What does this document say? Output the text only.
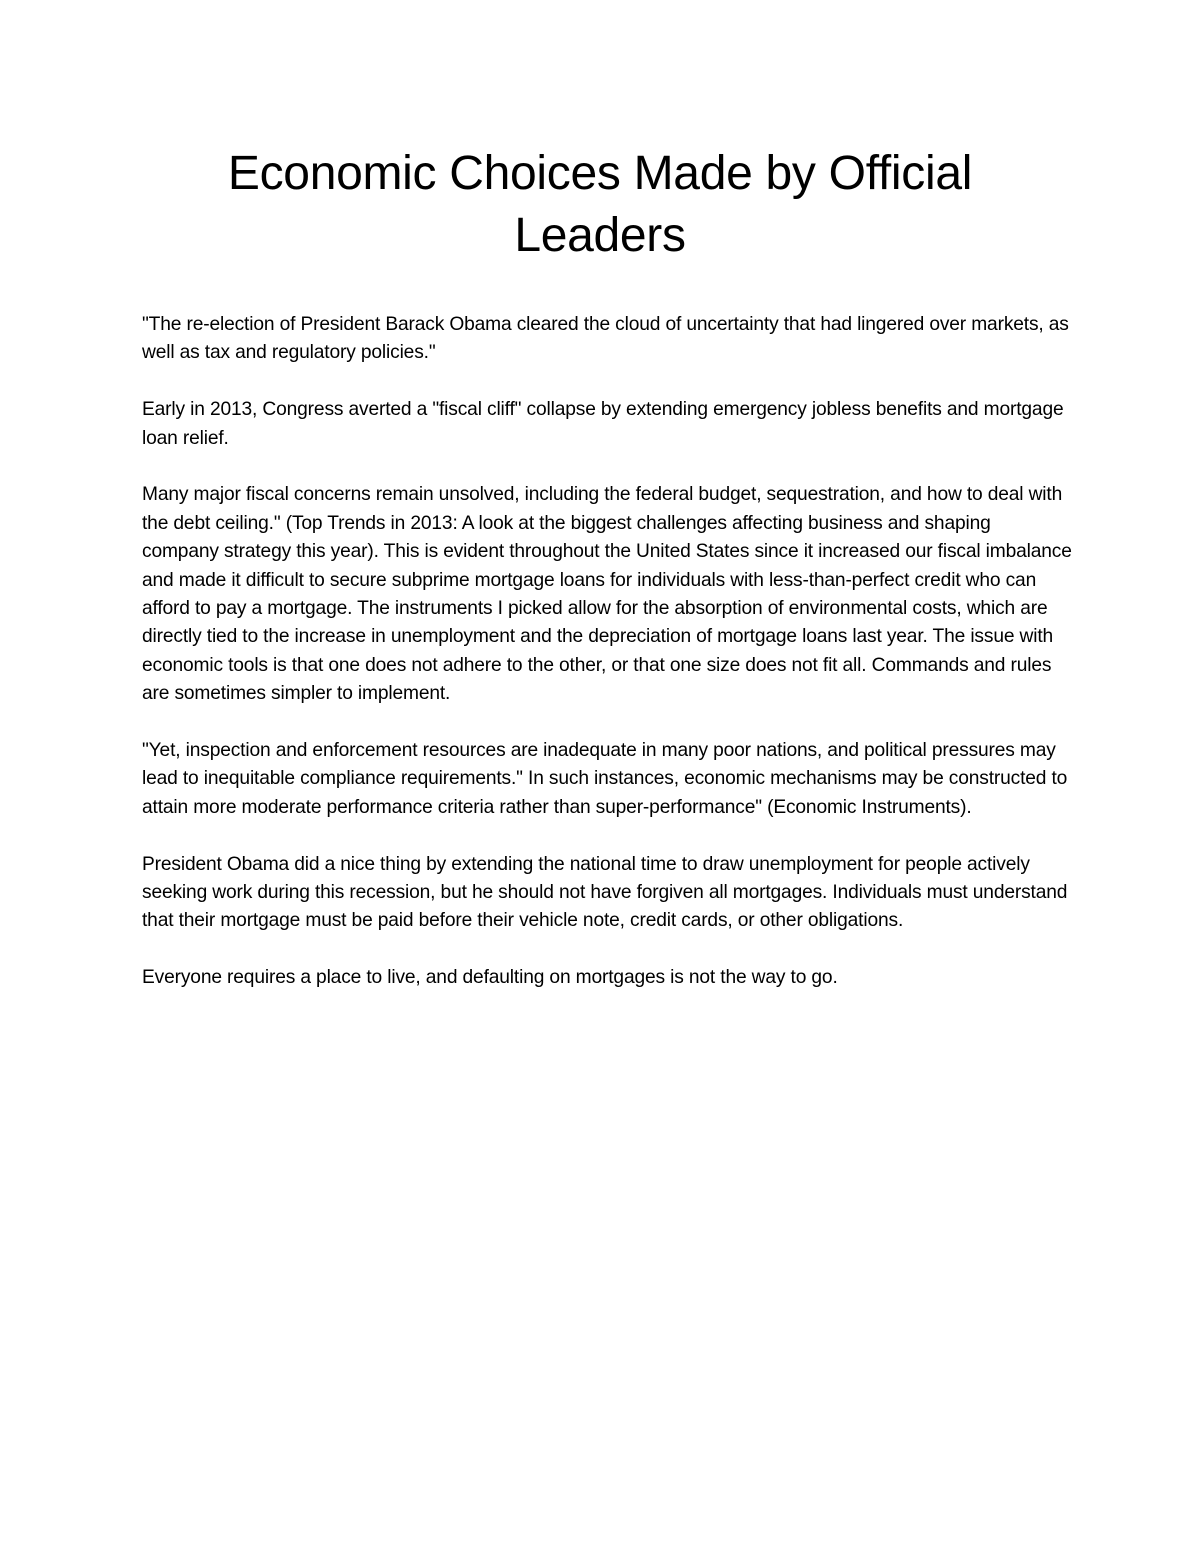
Economic Choices Made by Official Leaders

"The re-election of President Barack Obama cleared the cloud of uncertainty that had lingered over markets, as well as tax and regulatory policies."

Early in 2013, Congress averted a "fiscal cliff" collapse by extending emergency jobless benefits and mortgage loan relief.

Many major fiscal concerns remain unsolved, including the federal budget, sequestration, and how to deal with the debt ceiling." (Top Trends in 2013: A look at the biggest challenges affecting business and shaping company strategy this year). This is evident throughout the United States since it increased our fiscal imbalance and made it difficult to secure subprime mortgage loans for individuals with less-than-perfect credit who can afford to pay a mortgage. The instruments I picked allow for the absorption of environmental costs, which are directly tied to the increase in unemployment and the depreciation of mortgage loans last year. The issue with economic tools is that one does not adhere to the other, or that one size does not fit all. Commands and rules are sometimes simpler to implement.

"Yet, inspection and enforcement resources are inadequate in many poor nations, and political pressures may lead to inequitable compliance requirements." In such instances, economic mechanisms may be constructed to attain more moderate performance criteria rather than super-performance" (Economic Instruments).

President Obama did a nice thing by extending the national time to draw unemployment for people actively seeking work during this recession, but he should not have forgiven all mortgages. Individuals must understand that their mortgage must be paid before their vehicle note, credit cards, or other obligations.

Everyone requires a place to live, and defaulting on mortgages is not the way to go.
